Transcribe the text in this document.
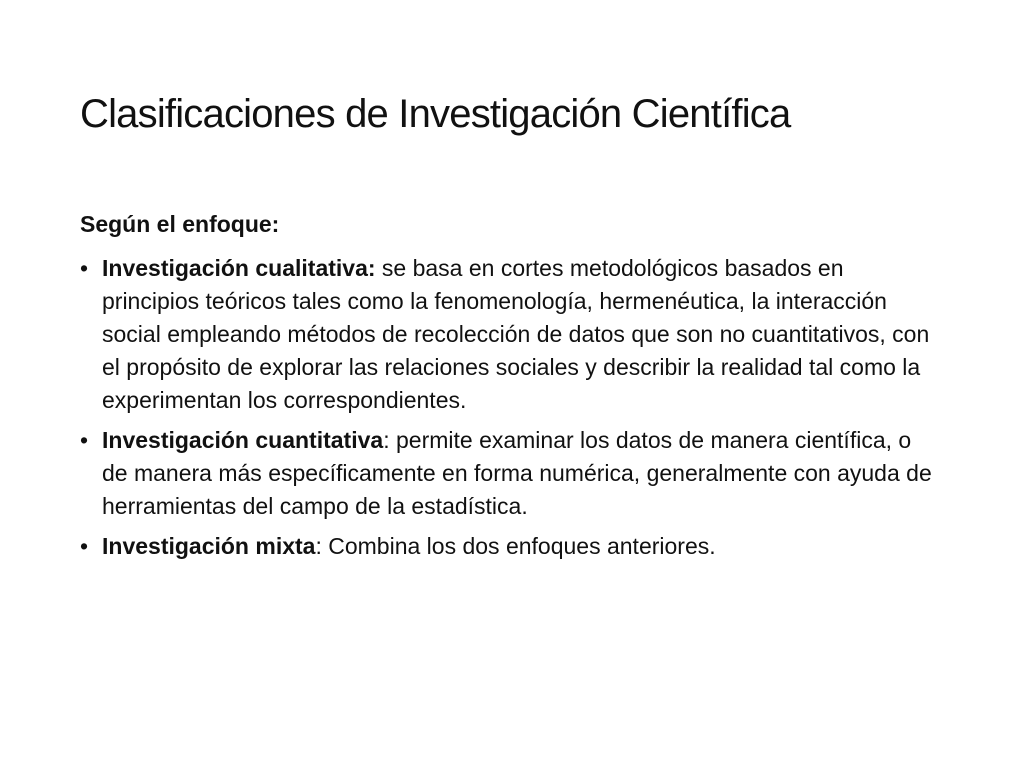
Clasificaciones de Investigación Científica
Según el enfoque:
• Investigación cualitativa: se basa en cortes metodológicos basados en principios teóricos tales como la fenomenología, hermenéutica, la interacción social empleando métodos de recolección de datos que son no cuantitativos, con el propósito de explorar las relaciones sociales y describir la realidad tal como la experimentan los correspondientes.
• Investigación cuantitativa: permite examinar los datos de manera científica, o de manera más específicamente en forma numérica, generalmente con ayuda de herramientas del campo de la estadística.
• Investigación mixta: Combina los dos enfoques anteriores.
